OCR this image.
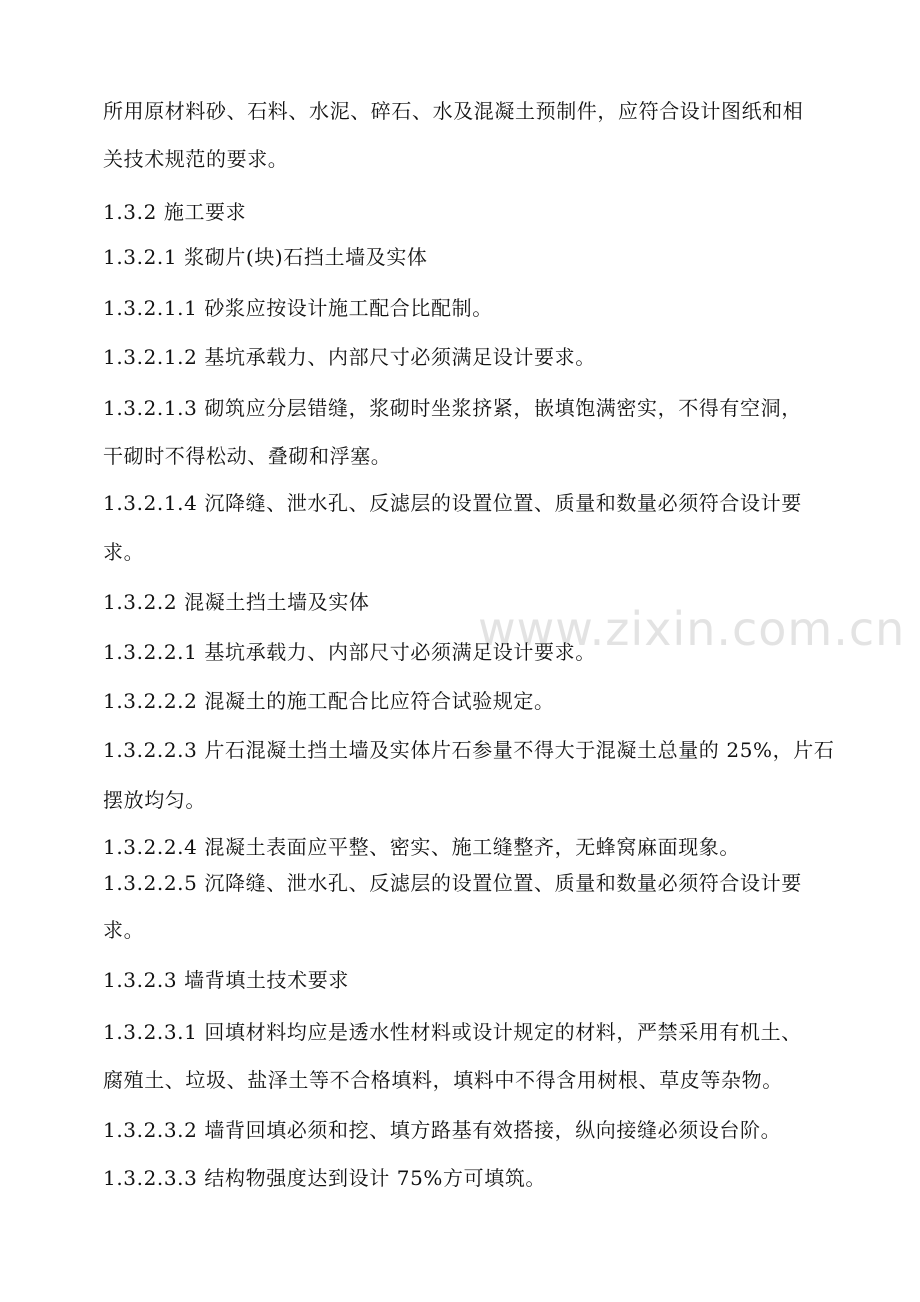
www.zixin.com.cn
所用原材料砂、石料、水泥、碎石、水及混凝土预制件，应符合设计图纸和相
关技术规范的要求。
1.3.2 施工要求
1.3.2.1 浆砌片(块)石挡土墙及实体
1.3.2.1.1 砂浆应按设计施工配合比配制。
1.3.2.1.2 基坑承载力、内部尺寸必须满足设计要求。
1.3.2.1.3 砌筑应分层错缝，浆砌时坐浆挤紧，嵌填饱满密实，不得有空洞，
干砌时不得松动、叠砌和浮塞。
1.3.2.1.4 沉降缝、泄水孔、反滤层的设置位置、质量和数量必须符合设计要
求。
1.3.2.2 混凝土挡土墙及实体
1.3.2.2.1 基坑承载力、内部尺寸必须满足设计要求。
1.3.2.2.2 混凝土的施工配合比应符合试验规定。
1.3.2.2.3 片石混凝土挡土墙及实体片石参量不得大于混凝土总量的 25%，片石
摆放均匀。
1.3.2.2.4 混凝土表面应平整、密实、施工缝整齐，无蜂窝麻面现象。
1.3.2.2.5 沉降缝、泄水孔、反滤层的设置位置、质量和数量必须符合设计要
求。
1.3.2.3 墙背填土技术要求
1.3.2.3.1 回填材料均应是透水性材料或设计规定的材料，严禁采用有机土、
腐殖土、垃圾、盐泽土等不合格填料，填料中不得含用树根、草皮等杂物。
1.3.2.3.2 墙背回填必须和挖、填方路基有效搭接，纵向接缝必须设台阶。
1.3.2.3.3 结构物强度达到设计 75%方可填筑。
